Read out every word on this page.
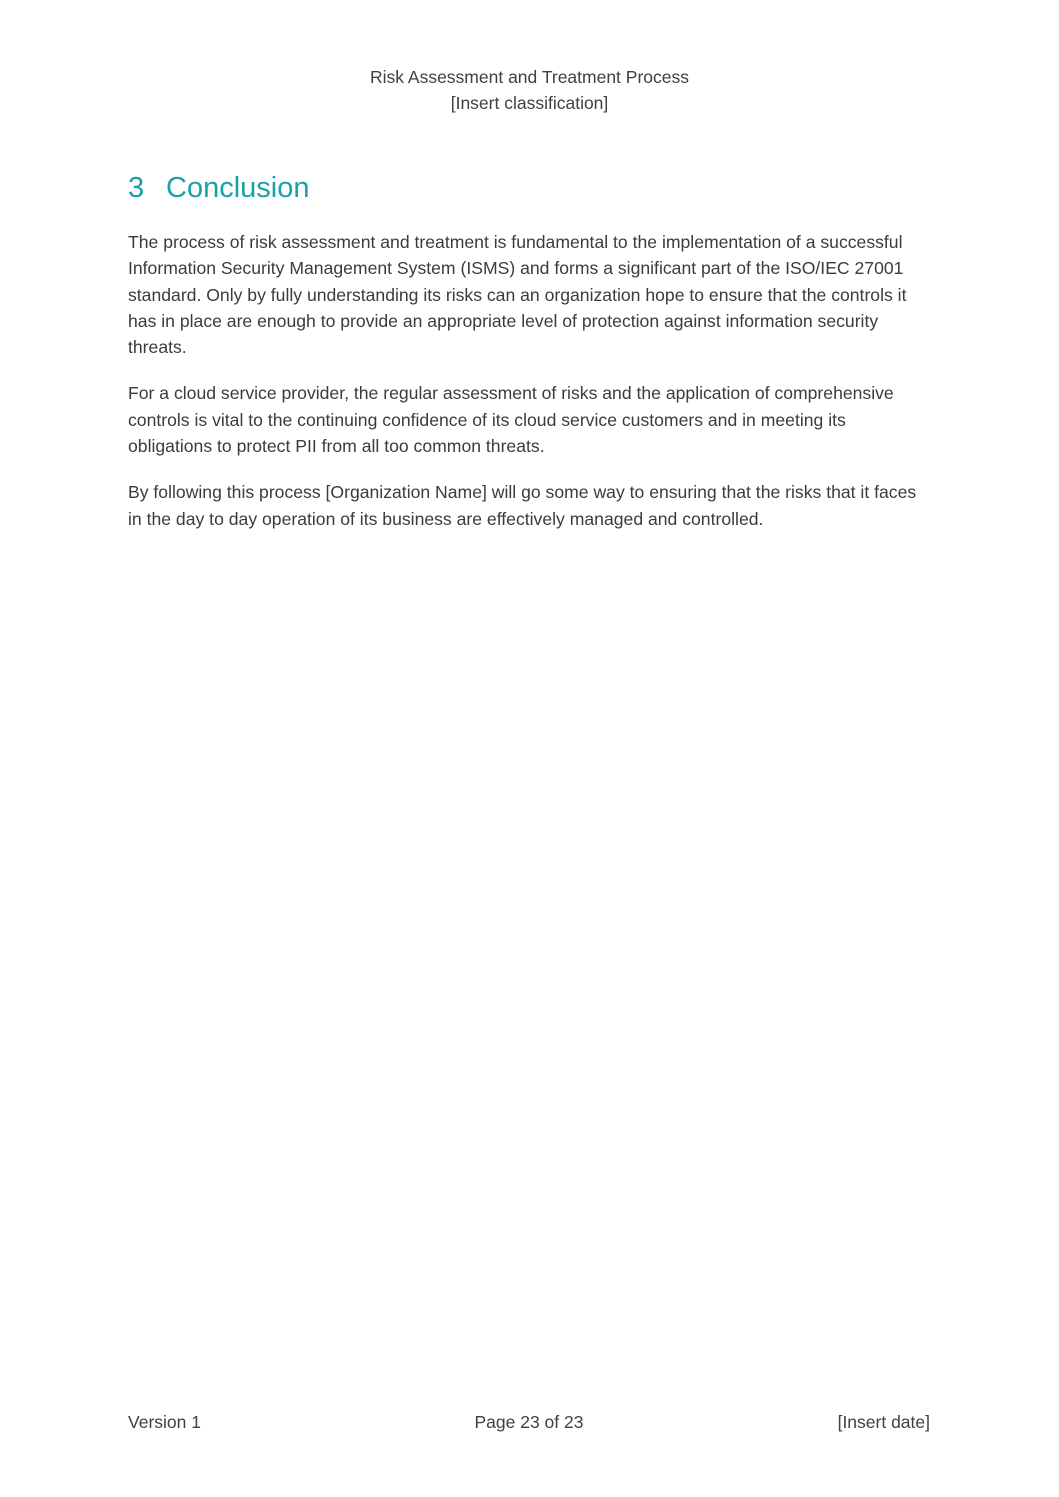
Risk Assessment and Treatment Process
[Insert classification]
3 Conclusion

The process of risk assessment and treatment is fundamental to the implementation of a successful Information Security Management System (ISMS) and forms a significant part of the ISO/IEC 27001 standard. Only by fully understanding its risks can an organization hope to ensure that the controls it has in place are enough to provide an appropriate level of protection against information security threats.

For a cloud service provider, the regular assessment of risks and the application of comprehensive controls is vital to the continuing confidence of its cloud service customers and in meeting its obligations to protect PII from all too common threats.

By following this process [Organization Name] will go some way to ensuring that the risks that it faces in the day to day operation of its business are effectively managed and controlled.

Page 23 of 23
Version 1	[Insert date]
